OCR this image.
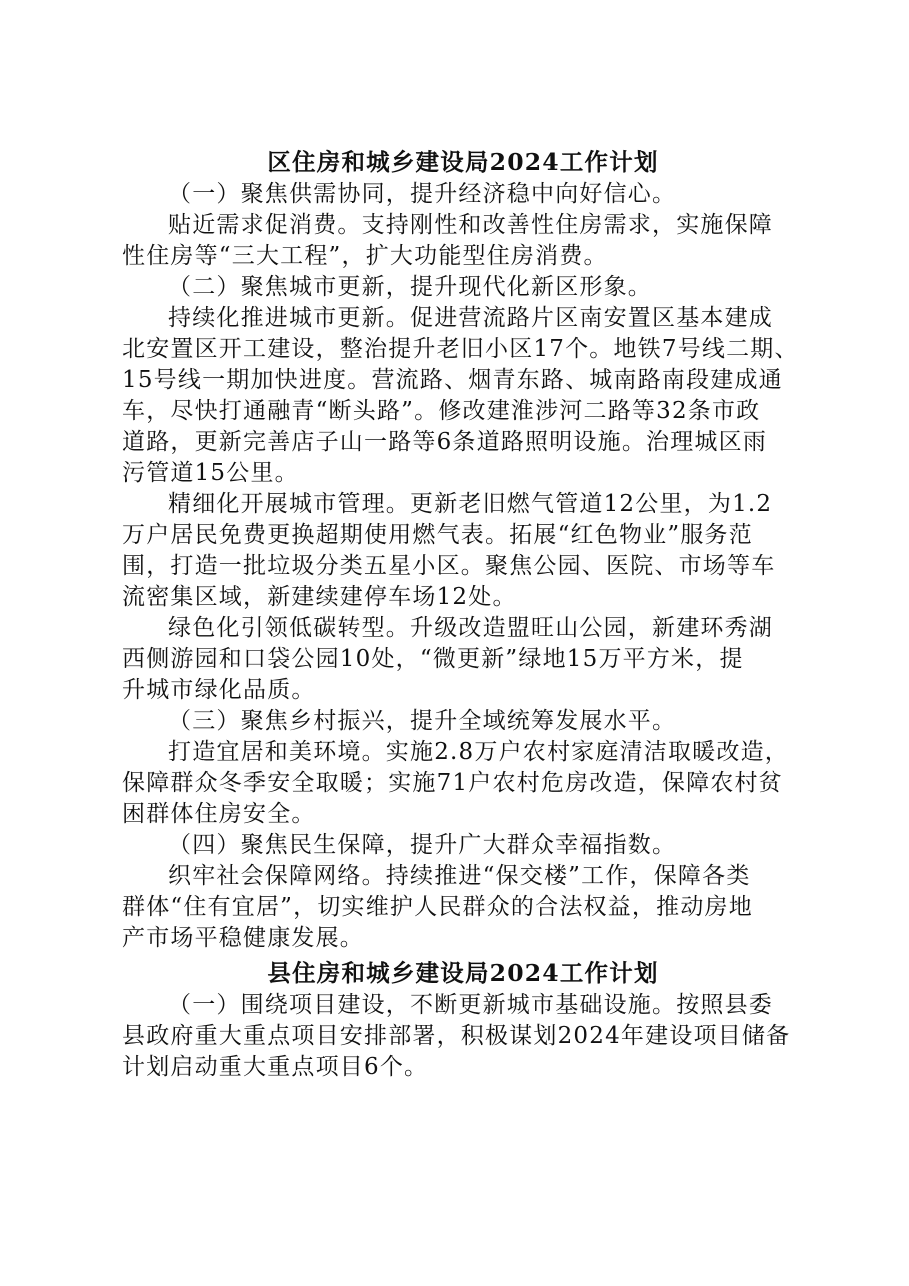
区住房和城乡建设局2024工作计划

（一）聚焦供需协同，提升经济稳中向好信心。

贴近需求促消费。支持刚性和改善性住房需求，实施保障
性住房等“三大工程”，扩大功能型住房消费。

（二）聚焦城市更新，提升现代化新区形象。

持续化推进城市更新。促进营流路片区南安置区基本建成
北安置区开工建设，整治提升老旧小区17个。地铁7号线二期、
15号线一期加快进度。营流路、烟青东路、城南路南段建成通
车，尽快打通融青“断头路”。修改建淮涉河二路等32条市政
道路，更新完善店子山一路等6条道路照明设施。治理城区雨
污管道15公里。

精细化开展城市管理。更新老旧燃气管道12公里，为1.2
万户居民免费更换超期使用燃气表。拓展“红色物业”服务范
围，打造一批垃圾分类五星小区。聚焦公园、医院、市场等车
流密集区域，新建续建停车场12处。

绿色化引领低碳转型。升级改造盟旺山公园，新建环秀湖
西侧游园和口袋公园10处，“微更新”绿地15万平方米，提
升城市绿化品质。

（三）聚焦乡村振兴，提升全域统筹发展水平。

打造宜居和美环境。实施2.8万户农村家庭清洁取暖改造，
保障群众冬季安全取暖；实施71户农村危房改造，保障农村贫
困群体住房安全。

（四）聚焦民生保障，提升广大群众幸福指数。

织牢社会保障网络。持续推进“保交楼”工作，保障各类
群体“住有宜居”，切实维护人民群众的合法权益，推动房地
产市场平稳健康发展。

县住房和城乡建设局2024工作计划

（一）围绕项目建设，不断更新城市基础设施。按照县委
县政府重大重点项目安排部署，积极谋划2024年建设项目储备
计划启动重大重点项目6个。
